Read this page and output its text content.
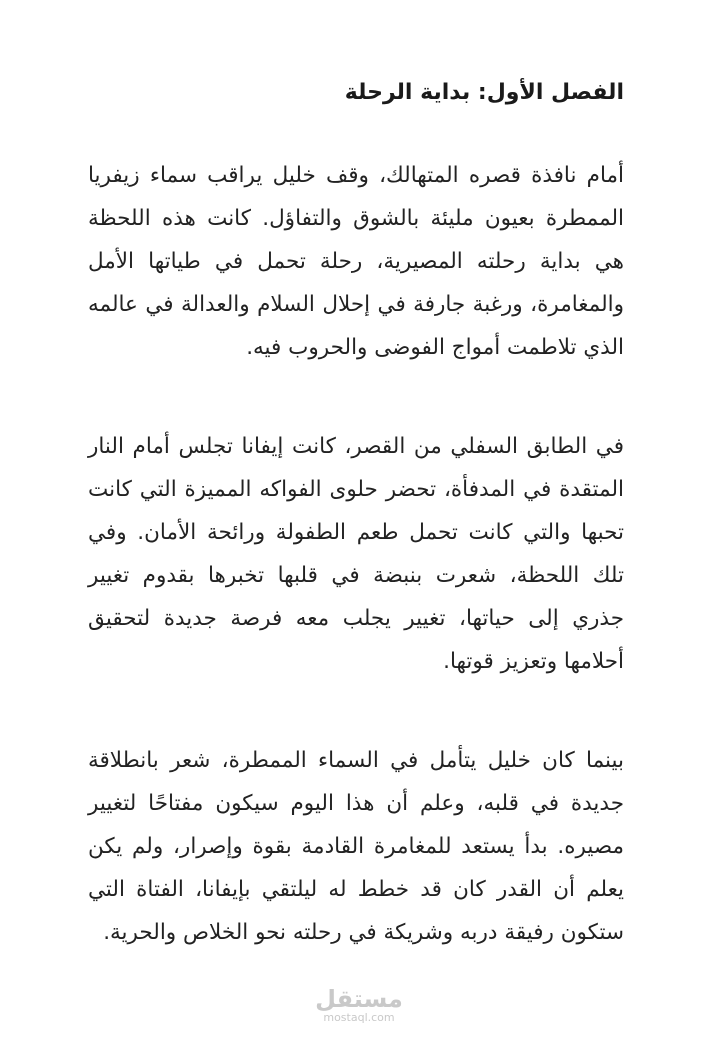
الفصل الأول: بداية الرحلة

أمام نافذة قصره المتهالك، وقف خليل يراقب سماء زيفريا الممطرة بعيون مليئة بالشوق والتفاؤل. كانت هذه اللحظة هي بداية رحلته المصيرية، رحلة تحمل في طياتها الأمل والمغامرة، ورغبة جارفة في إحلال السلام والعدالة في عالمه الذي تلاطمت أمواج الفوضى والحروب فيه.

في الطابق السفلي من القصر، كانت إيفانا تجلس أمام النار المتقدة في المدفأة، تحضر حلوى الفواكه المميزة التي كانت تحبها والتي كانت تحمل طعم الطفولة ورائحة الأمان. وفي تلك اللحظة، شعرت بنبضة في قلبها تخبرها بقدوم تغيير جذري إلى حياتها، تغيير يجلب معه فرصة جديدة لتحقيق أحلامها وتعزيز قوتها.

بينما كان خليل يتأمل في السماء الممطرة، شعر بانطلاقة جديدة في قلبه، وعلم أن هذا اليوم سيكون مفتاحًا لتغيير مصيره. بدأ يستعد للمغامرة القادمة بقوة وإصرار، ولم يكن يعلم أن القدر كان قد خطط له ليلتقي بإيفانا، الفتاة التي ستكون رفيقة دربه وشريكة في رحلته نحو الخلاص والحرية.

مستقل
mostaql.com
